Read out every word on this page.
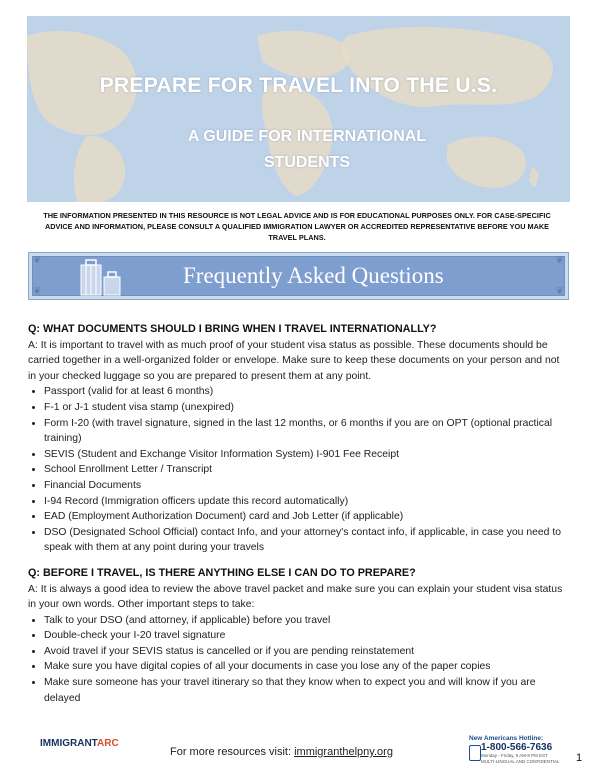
PREPARE FOR TRAVEL INTO THE U.S.
A GUIDE FOR INTERNATIONAL
STUDENTS
THE INFORMATION PRESENTED IN THIS RESOURCE IS NOT LEGAL ADVICE AND IS FOR EDUCATIONAL PURPOSES ONLY. FOR CASE-SPECIFIC ADVICE AND INFORMATION, PLEASE CONSULT A QUALIFIED IMMIGRATION LAWYER OR ACCREDITED REPRESENTATIVE BEFORE YOU MAKE TRAVEL PLANS.
Frequently Asked Questions
❦	❦
❦	❦

Q: WHAT DOCUMENTS SHOULD I BRING WHEN I TRAVEL INTERNATIONALLY?

A: It is important to travel with as much proof of your student visa status as possible. These documents should be carried together in a well-organized folder or envelope. Make sure to keep these documents on your person and not in your checked luggage so you are prepared to present them at any point.

• Passport (valid for at least 6 months)
• F-1 or J-1 student visa stamp (unexpired)
• Form I-20 (with travel signature, signed in the last 12 months, or 6 months if you are on OPT (optional practical training)
• SEVIS (Student and Exchange Visitor Information System) I-901 Fee Receipt
• School Enrollment Letter / Transcript
• Financial Documents
• I-94 Record (Immigration officers update this record automatically)
• EAD (Employment Authorization Document) card and Job Letter (if applicable)
• DSO (Designated School Official) contact Info, and your attorney's contact info, if applicable, in case you need to speak with them at any point during your travels

Q: BEFORE I TRAVEL, IS THERE ANYTHING ELSE I CAN DO TO PREPARE?

A: It is always a good idea to review the above travel packet and make sure you can explain your student visa status in your own words. Other important steps to take:

• Talk to your DSO (and attorney, if applicable) before you travel
• Double-check your I-20 travel signature
• Avoid travel if your SEVIS status is cancelled or if you are pending reinstatement
• Make sure you have digital copies of all your documents in case you lose any of the paper copies
• Make sure someone has your travel itinerary so that they know when to expect you and will know if you are delayed
IMMIGRANTARC
For more resources visit: immigranthelpny.org
New Americans Hotline:
1-800-566-7636
Monday - Friday, 9 AM-8 PM EST
MULTI-LINGUAL AND CONFIDENTIAL	1
